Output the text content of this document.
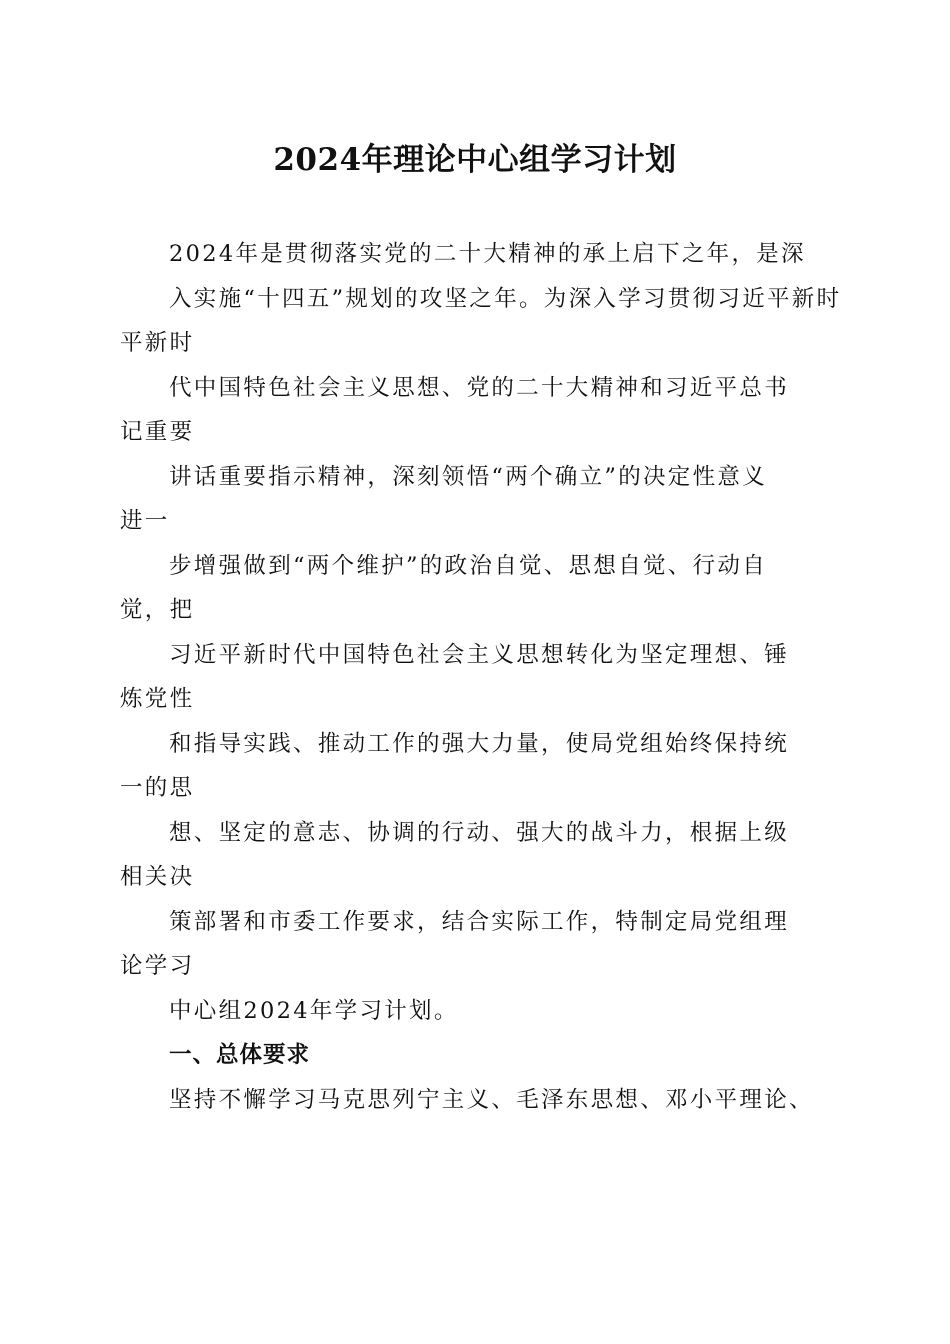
2024年理论中心组学习计划
2024年是贯彻落实党的二十大精神的承上启下之年，是深
入实施“十四五”规划的攻坚之年。为深入学习贯彻习近平新时
平新时
代中国特色社会主义思想、党的二十大精神和习近平总书
记重要
讲话重要指示精神，深刻领悟“两个确立”的决定性意义
进一
步增强做到“两个维护”的政治自觉、思想自觉、行动自
觉，把
习近平新时代中国特色社会主义思想转化为坚定理想、锤
炼党性
和指导实践、推动工作的强大力量，使局党组始终保持统
一的思
想、坚定的意志、协调的行动、强大的战斗力，根据上级
相关决
策部署和市委工作要求，结合实际工作，特制定局党组理
论学习
中心组2024年学习计划。
一、总体要求
坚持不懈学习马克思列宁主义、毛泽东思想、邓小平理论、
